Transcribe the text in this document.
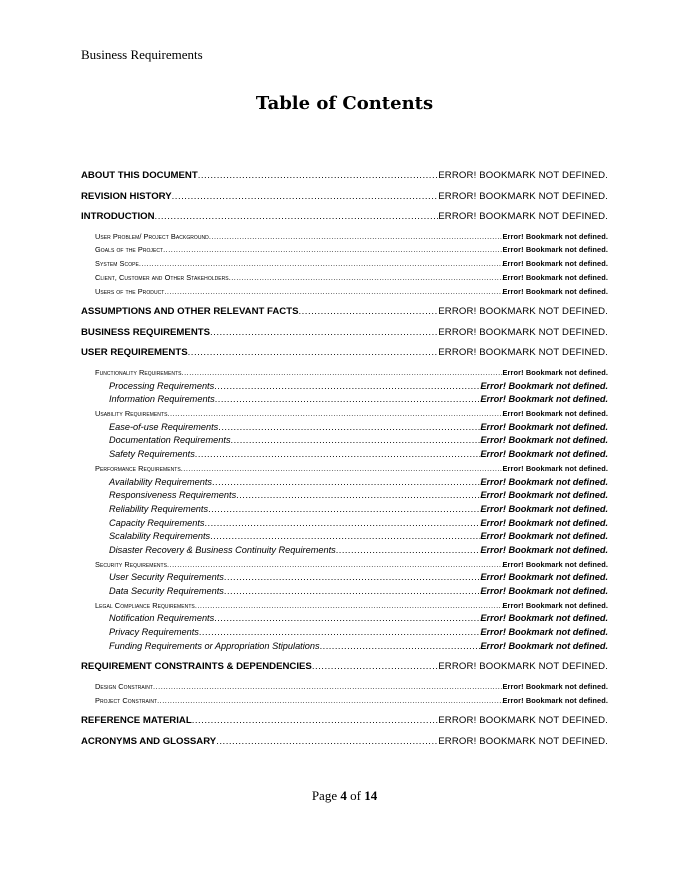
Business Requirements
Table of Contents
ABOUT THIS DOCUMENT .....	ERROR! BOOKMARK NOT DEFINED.
REVISION HISTORY .....	ERROR! BOOKMARK NOT DEFINED.
INTRODUCTION .....	ERROR! BOOKMARK NOT DEFINED.
User Problem/ Project Background .....	Error! Bookmark not defined.
Goals of the Project .....	Error! Bookmark not defined.
System Scope .....	Error! Bookmark not defined.
Client, Customer and Other Stakeholders .....	Error! Bookmark not defined.
Users of the Product .....	Error! Bookmark not defined.
ASSUMPTIONS AND OTHER RELEVANT FACTS .....	ERROR! BOOKMARK NOT DEFINED.
BUSINESS REQUIREMENTS .....	ERROR! BOOKMARK NOT DEFINED.
USER REQUIREMENTS .....	ERROR! BOOKMARK NOT DEFINED.
Functionality Requirements .....	Error! Bookmark not defined.
Processing Requirements .....	Error! Bookmark not defined.
Information Requirements .....	Error! Bookmark not defined.
Usability Requirements .....	Error! Bookmark not defined.
Ease-of-use Requirements .....	Error! Bookmark not defined.
Documentation Requirements .....	Error! Bookmark not defined.
Safety Requirements .....	Error! Bookmark not defined.
Performance Requirements .....	Error! Bookmark not defined.
Availability Requirements .....	Error! Bookmark not defined.
Responsiveness Requirements .....	Error! Bookmark not defined.
Reliability Requirements .....	Error! Bookmark not defined.
Capacity Requirements .....	Error! Bookmark not defined.
Scalability Requirements .....	Error! Bookmark not defined.
Disaster Recovery & Business Continuity Requirements .....	Error! Bookmark not defined.
Security Requirements .....	Error! Bookmark not defined.
User Security Requirements .....	Error! Bookmark not defined.
Data Security Requirements .....	Error! Bookmark not defined.
Legal Compliance Requirements .....	Error! Bookmark not defined.
Notification Requirements .....	Error! Bookmark not defined.
Privacy Requirements .....	Error! Bookmark not defined.
Funding Requirements or Appropriation Stipulations .....	Error! Bookmark not defined.
REQUIREMENT CONSTRAINTS & DEPENDENCIES .....	ERROR! BOOKMARK NOT DEFINED.
Design Constraint .....	Error! Bookmark not defined.
Project Constraint .....	Error! Bookmark not defined.
REFERENCE MATERIAL .....	ERROR! BOOKMARK NOT DEFINED.
ACRONYMS AND GLOSSARY .....	ERROR! BOOKMARK NOT DEFINED.
Page 4 of 14
